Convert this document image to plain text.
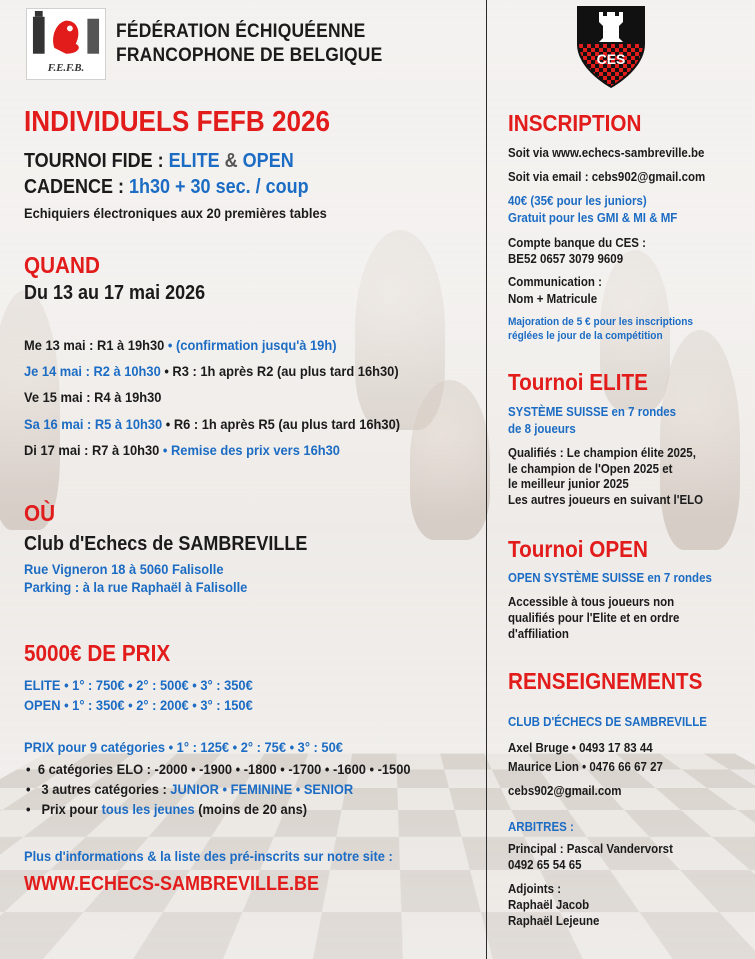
F.E.F.B.
FÉDÉRATION ÉCHIQUÉENNE
FRANCOPHONE DE BELGIQUE	CES
INDIVIDUELS FEFB 2026
TOURNOI FIDE : ELITE & OPEN
CADENCE : 1h30 + 30 sec. / coup
Echiquiers électroniques aux 20 premières tables
QUAND
Du 13 au 17 mai 2026
Me 13 mai : R1 à 19h30 • (confirmation jusqu'à 19h)
Je 14 mai : R2 à 10h30 • R3 : 1h après R2 (au plus tard 16h30)
Ve 15 mai : R4 à 19h30
Sa 16 mai : R5 à 10h30 • R6 : 1h après R5 (au plus tard 16h30)
Di 17 mai : R7 à 10h30 • Remise des prix vers 16h30
OÙ
Club d'Echecs de SAMBREVILLE
Rue Vigneron 18 à 5060 Falisolle
Parking : à la rue Raphaël à Falisolle
5000€ DE PRIX
ELITE • 1° : 750€ • 2° : 500€ • 3° : 350€
OPEN • 1° : 350€ • 2° : 200€ • 3° : 150€
PRIX pour 9 catégories • 1° : 125€ • 2° : 75€ • 3° : 50€
• 6 catégories ELO : -2000 • -1900 • -1800 • -1700 • -1600 • -1500
• 3 autres catégories : JUNIOR • FEMININE • SENIOR
• Prix pour tous les jeunes (moins de 20 ans)
Plus d'informations & la liste des pré-inscrits sur notre site :
WWW.ECHECS-SAMBREVILLE.BE
INSCRIPTION
Soit via www.echecs-sambreville.be
Soit via email : cebs902@gmail.com
40€ (35€ pour les juniors)
Gratuit pour les GMI & MI & MF
Compte banque du CES :
BE52 0657 3079 9609
Communication :
Nom + Matricule
Majoration de 5 € pour les inscriptions
réglées le jour de la compétition
Tournoi ELITE
SYSTÈME SUISSE en 7 rondes
de 8 joueurs
Qualifiés : Le champion élite 2025,
le champion de l'Open 2025 et
le meilleur junior 2025
Les autres joueurs en suivant l'ELO
Tournoi OPEN
OPEN SYSTÈME SUISSE en 7 rondes
Accessible à tous joueurs non
qualifiés pour l'Elite et en ordre
d'affiliation
RENSEIGNEMENTS
CLUB D'ÉCHECS DE SAMBREVILLE
Axel Bruge • 0493 17 83 44
Maurice Lion • 0476 66 67 27
cebs902@gmail.com
ARBITRES :
Principal : Pascal Vandervorst
0492 65 54 65
Adjoints :
Raphaël Jacob
Raphaël Lejeune
